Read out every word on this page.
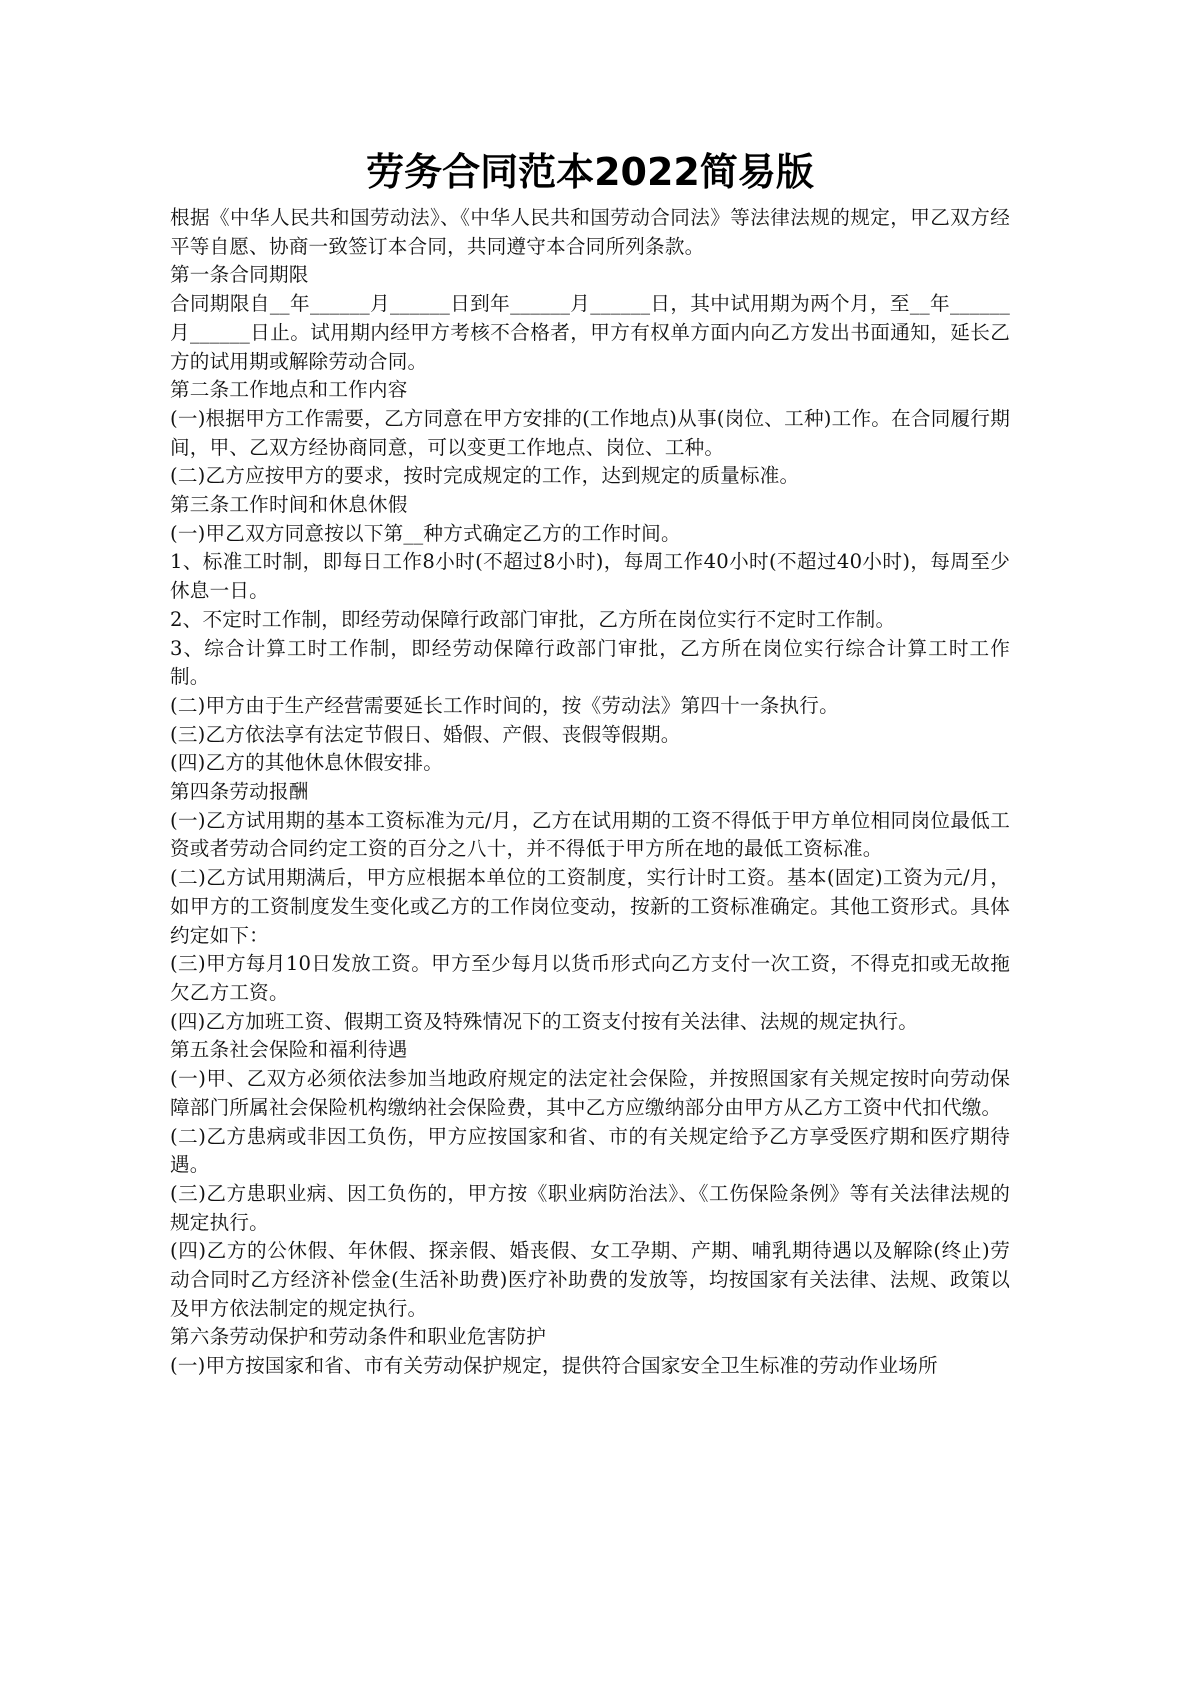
劳务合同范本2022简易版

根据《中华人民共和国劳动法》、《中华人民共和国劳动合同法》等法律法规的规定，甲乙双方经平等自愿、协商一致签订本合同，共同遵守本合同所列条款。

第一条合同期限

合同期限自__年______月______日到年______月______日，其中试用期为两个月，至__年______月______日止。试用期内经甲方考核不合格者，甲方有权单方面内向乙方发出书面通知，延长乙方的试用期或解除劳动合同。

第二条工作地点和工作内容

(一)根据甲方工作需要，乙方同意在甲方安排的(工作地点)从事(岗位、工种)工作。在合同履行期间，甲、乙双方经协商同意，可以变更工作地点、岗位、工种。

(二)乙方应按甲方的要求，按时完成规定的工作，达到规定的质量标准。

第三条工作时间和休息休假

(一)甲乙双方同意按以下第__种方式确定乙方的工作时间。

1、标准工时制，即每日工作8小时(不超过8小时)，每周工作40小时(不超过40小时)，每周至少休息一日。

2、不定时工作制，即经劳动保障行政部门审批，乙方所在岗位实行不定时工作制。

3、综合计算工时工作制，即经劳动保障行政部门审批，乙方所在岗位实行综合计算工时工作制。

(二)甲方由于生产经营需要延长工作时间的，按《劳动法》第四十一条执行。

(三)乙方依法享有法定节假日、婚假、产假、丧假等假期。

(四)乙方的其他休息休假安排。

第四条劳动报酬

(一)乙方试用期的基本工资标准为元/月，乙方在试用期的工资不得低于甲方单位相同岗位最低工资或者劳动合同约定工资的百分之八十，并不得低于甲方所在地的最低工资标准。

(二)乙方试用期满后，甲方应根据本单位的工资制度，实行计时工资。基本(固定)工资为元/月，如甲方的工资制度发生变化或乙方的工作岗位变动，按新的工资标准确定。其他工资形式。具体约定如下：

(三)甲方每月10日发放工资。甲方至少每月以货币形式向乙方支付一次工资，不得克扣或无故拖欠乙方工资。

(四)乙方加班工资、假期工资及特殊情况下的工资支付按有关法律、法规的规定执行。

第五条社会保险和福利待遇

(一)甲、乙双方必须依法参加当地政府规定的法定社会保险，并按照国家有关规定按时向劳动保障部门所属社会保险机构缴纳社会保险费，其中乙方应缴纳部分由甲方从乙方工资中代扣代缴。

(二)乙方患病或非因工负伤，甲方应按国家和省、市的有关规定给予乙方享受医疗期和医疗期待遇。

(三)乙方患职业病、因工负伤的，甲方按《职业病防治法》、《工伤保险条例》等有关法律法规的规定执行。

(四)乙方的公休假、年休假、探亲假、婚丧假、女工孕期、产期、哺乳期待遇以及解除(终止)劳动合同时乙方经济补偿金(生活补助费)医疗补助费的发放等，均按国家有关法律、法规、政策以及甲方依法制定的规定执行。

第六条劳动保护和劳动条件和职业危害防护

(一)甲方按国家和省、市有关劳动保护规定，提供符合国家安全卫生标准的劳动作业场所
